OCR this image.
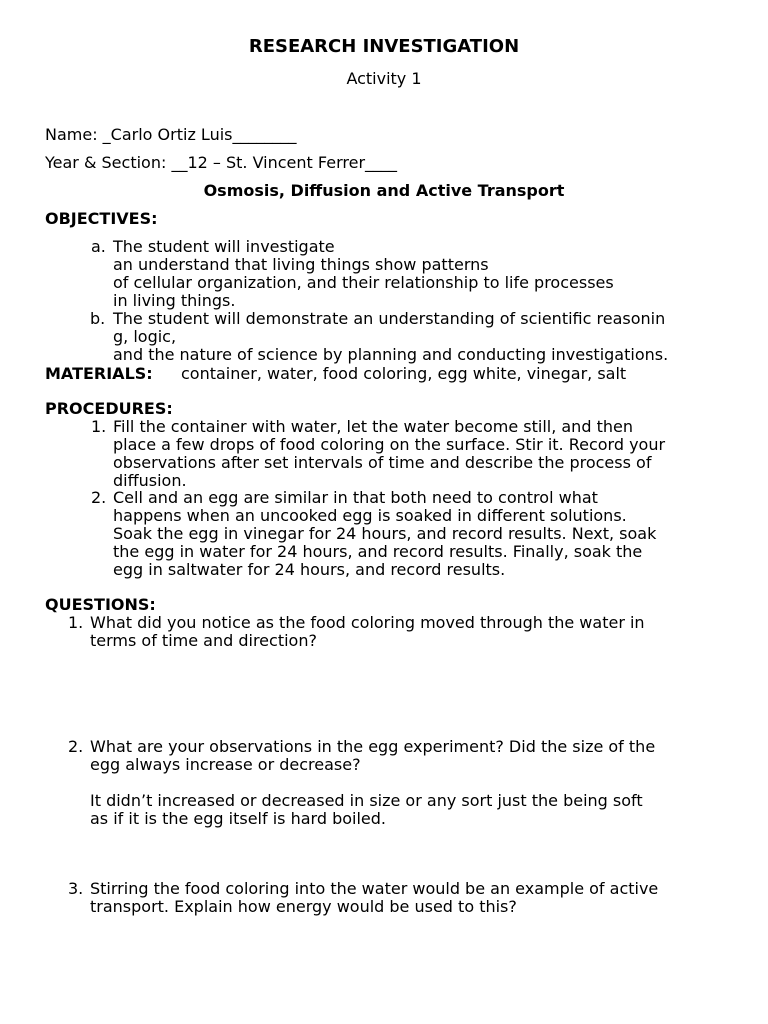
RESEARCH INVESTIGATION
Activity 1
Name: _Carlo Ortiz Luis________
Year & Section: __12 – St. Vincent Ferrer____
Osmosis, Diffusion and Active Transport
OBJECTIVES:
a. The student will investigate
an understand that living things show patterns
of cellular organization, and their relationship to life processes
in living things.
b. The student will demonstrate an understanding of scientific reasonin
g, logic,
and the nature of science by planning and conducting investigations.
MATERIALS: container, water, food coloring, egg white, vinegar, salt
PROCEDURES:
1. Fill the container with water, let the water become still, and then
place a few drops of food coloring on the surface. Stir it. Record your
observations after set intervals of time and describe the process of
diffusion.
2. Cell and an egg are similar in that both need to control what
happens when an uncooked egg is soaked in different solutions.
Soak the egg in vinegar for 24 hours, and record results. Next, soak
the egg in water for 24 hours, and record results. Finally, soak the
egg in saltwater for 24 hours, and record results.
QUESTIONS:
1. What did you notice as the food coloring moved through the water in
terms of time and direction?
2. What are your observations in the egg experiment? Did the size of the
egg always increase or decrease?
It didn’t increased or decreased in size or any sort just the being soft
as if it is the egg itself is hard boiled.
3. Stirring the food coloring into the water would be an example of active
transport. Explain how energy would be used to this?
